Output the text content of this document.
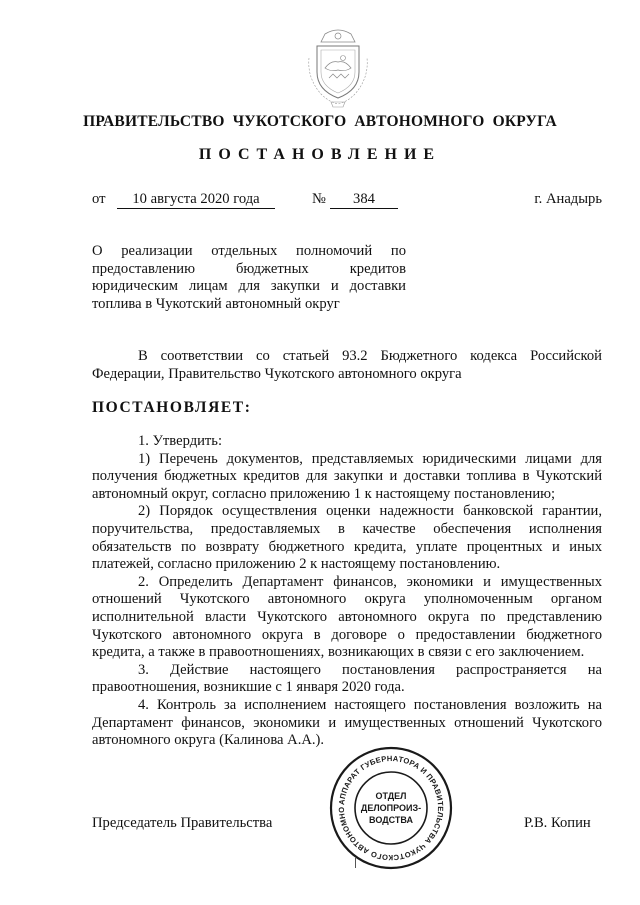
ПРАВИТЕЛЬСТВО ЧУКОТСКОГО АВТОНОМНОГО ОКРУГА
ПОСТАНОВЛЕНИЕ
от	10 августа 2020 года	№	384	г. Анадырь
О реализации отдельных полномочий по предоставлению бюджетных кредитов юридическим лицам для закупки и доставки топлива в Чукотский автономный округ
В соответствии со статьей 93.2 Бюджетного кодекса Российской Федерации, Правительство Чукотского автономного округа
ПОСТАНОВЛЯЕТ:

1. Утвердить:

1) Перечень документов, представляемых юридическими лицами для получения бюджетных кредитов для закупки и доставки топлива в Чукотский автономный округ, согласно приложению 1 к настоящему постановлению;

2) Порядок осуществления оценки надежности банковской гарантии, поручительства, предоставляемых в качестве обеспечения исполнения обязательств по возврату бюджетного кредита, уплате процентных и иных платежей, согласно приложению 2 к настоящему постановлению.

2. Определить Департамент финансов, экономики и имущественных отношений Чукотского автономного округа уполномоченным органом исполнительной власти Чукотского автономного округа по представлению Чукотского автономного округа в договоре о предоставлении бюджетного кредита, а также в правоотношениях, возникающих в связи с его заключением.

3. Действие настоящего постановления распространяется на правоотношения, возникшие с 1 января 2020 года.

4. Контроль за исполнением настоящего постановления возложить на Департамент финансов, экономики и имущественных отношений Чукотского автономного округа (Калинова А.А.).

Председатель Правительства	Р.В. Копин
АППАРАТ ГУБЕРНАТОРА И ПРАВИТЕЛЬСТВА ЧУКОТСКОГО АВТОНОМНО
ОТДЕЛ
ДЕЛОПРОИЗ-
ВОДСТВА
